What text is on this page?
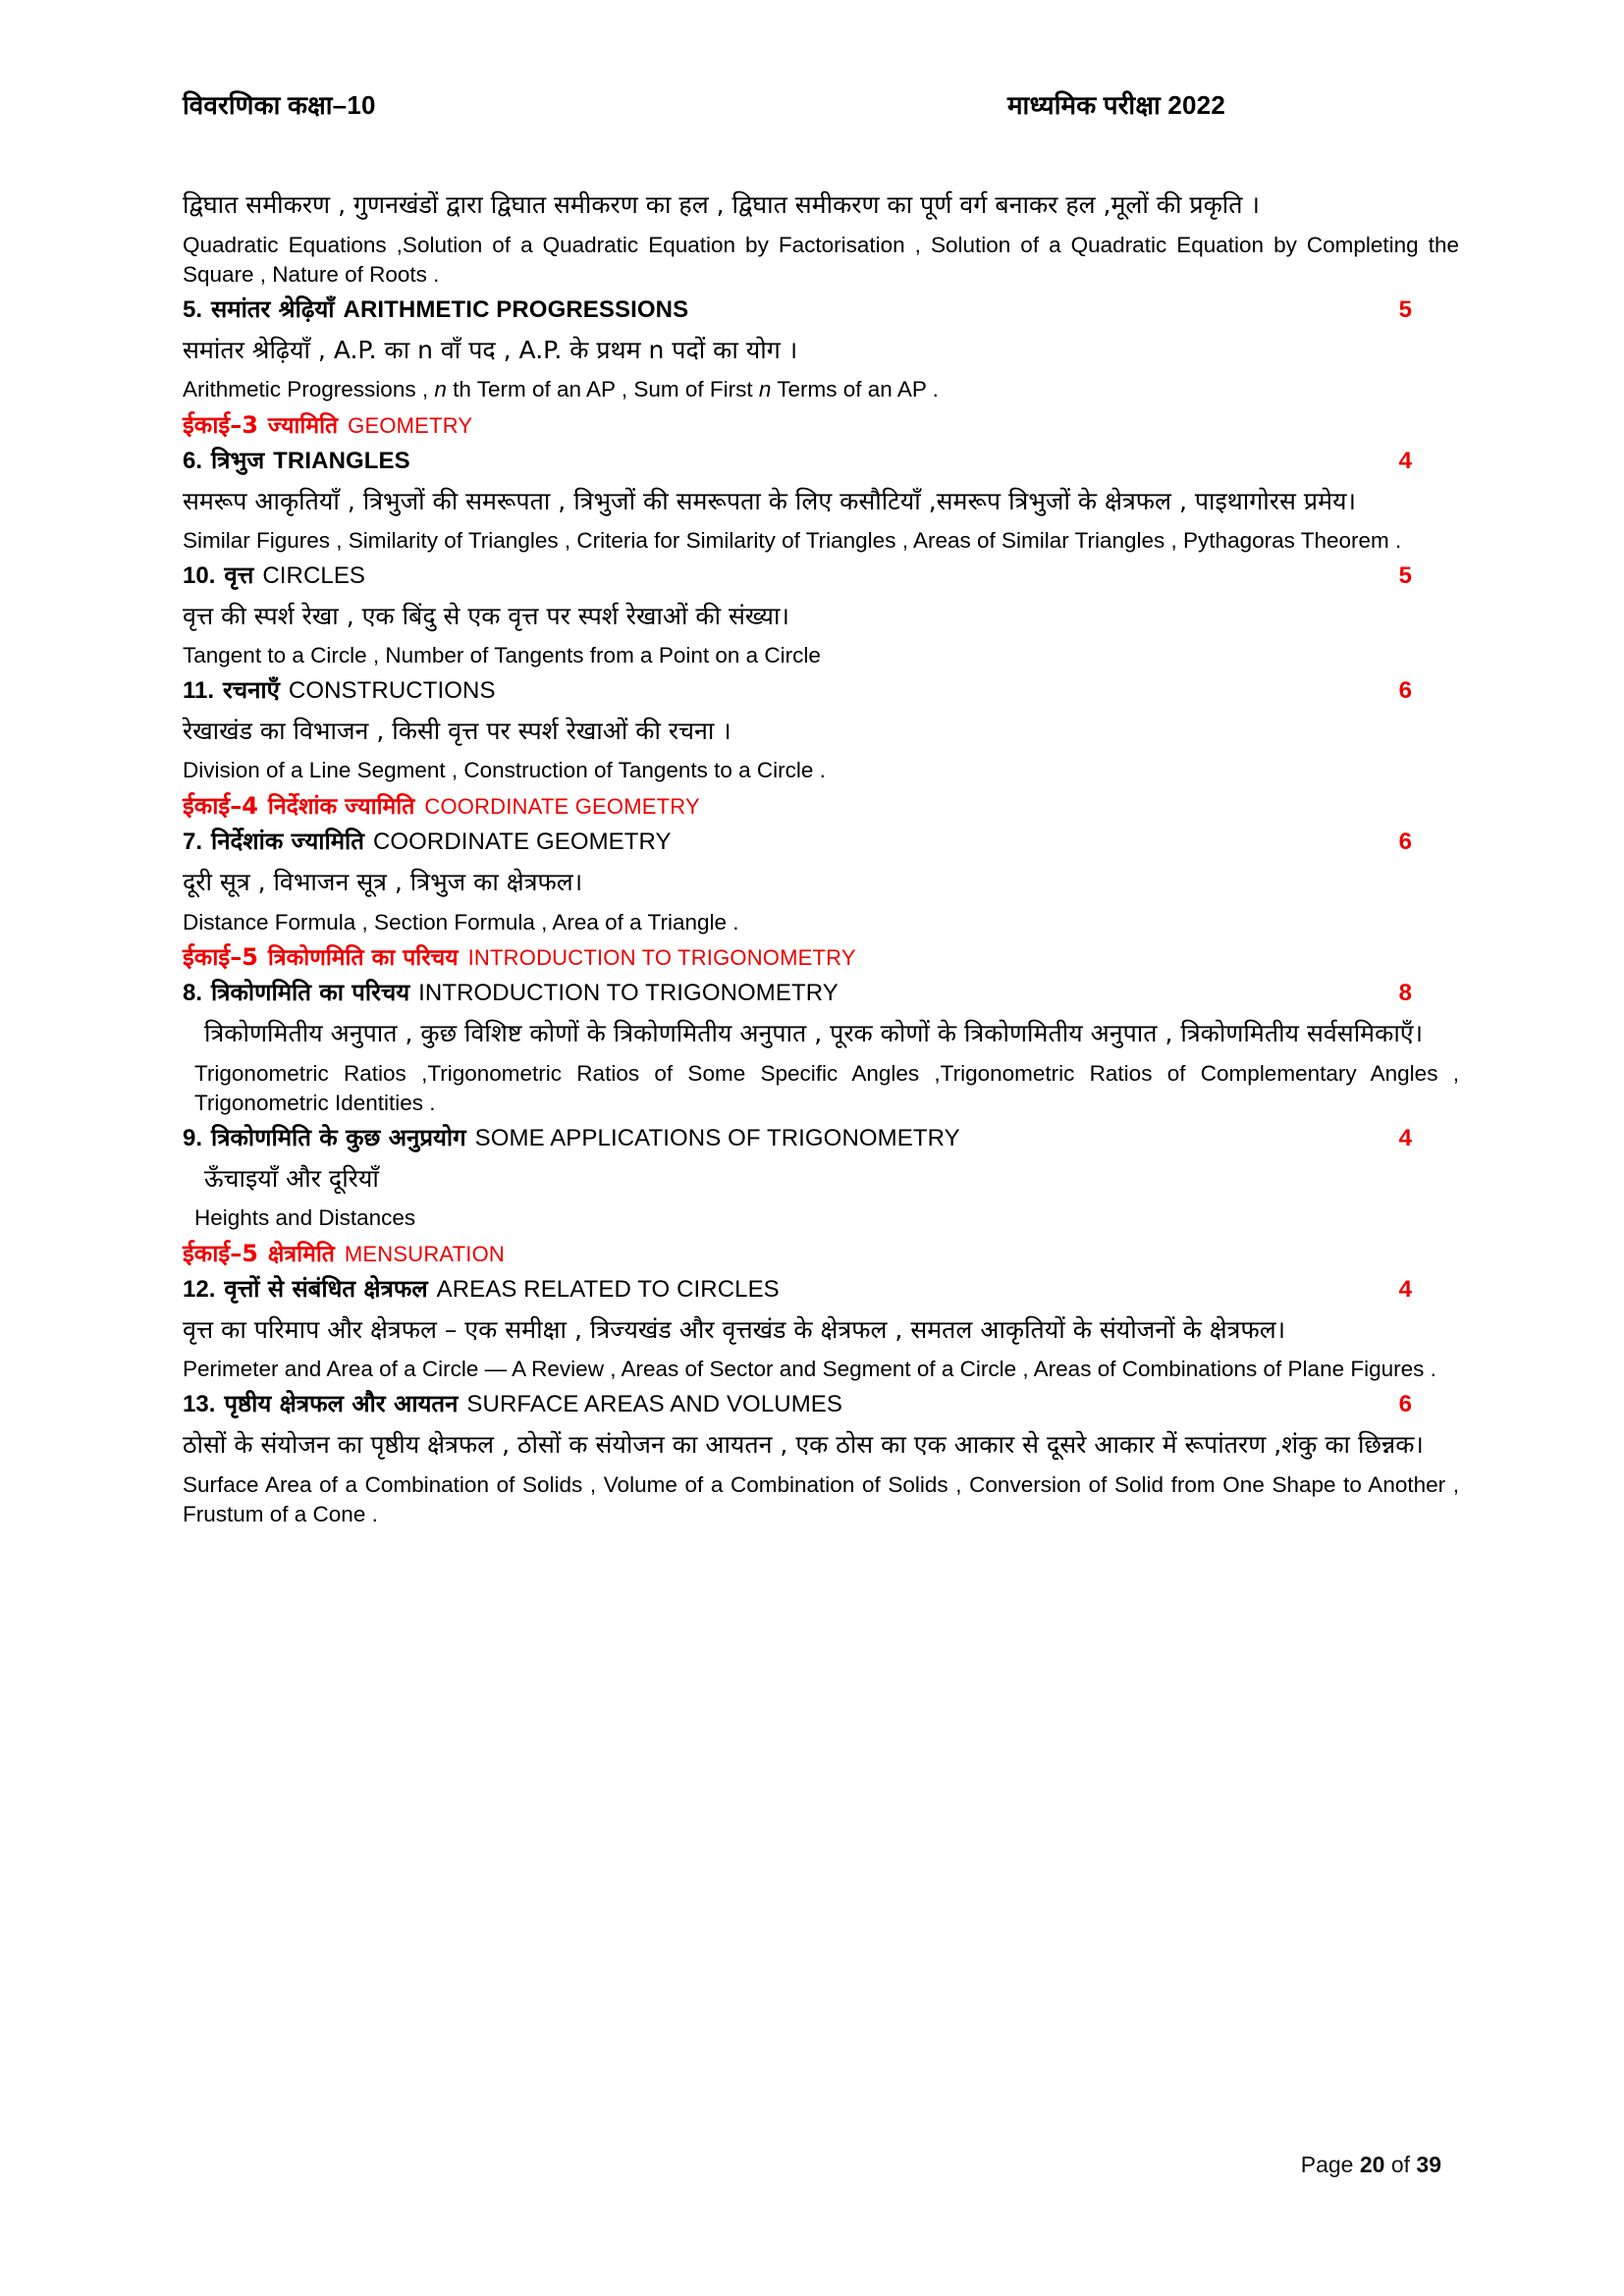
विवरणिका कक्षा–10	माध्यमिक परीक्षा 2022

द्विघात समीकरण , गुणनखंडों द्वारा द्विघात समीकरण का हल , द्विघात समीकरण का पूर्ण वर्ग बनाकर हल ,मूलों की प्रकृति ।

Quadratic Equations ,Solution of a Quadratic Equation by Factorisation , Solution of a Quadratic Equation by Completing the Square , Nature of Roots .

5. समांतर श्रेढ़ियाँ ARITHMETIC PROGRESSIONS	5

समांतर श्रेढ़ियाँ , A.P. का n वाँ पद , A.P. के प्रथम n पदों का योग ।

Arithmetic Progressions , n th Term of an AP , Sum of First n Terms of an AP .

ईकाई–3 ज्यामिति GEOMETRY
6. त्रिभुज TRIANGLES	4

समरूप आकृतियाँ , त्रिभुजों की समरूपता , त्रिभुजों की समरूपता के लिए कसौटियाँ ,समरूप त्रिभुजों के क्षेत्रफल , पाइथागोरस प्रमेय।

Similar Figures , Similarity of Triangles , Criteria for Similarity of Triangles , Areas of Similar Triangles , Pythagoras Theorem .

10. वृत्त CIRCLES	5

वृत्त की स्पर्श रेखा , एक बिंदु से एक वृत्त पर स्पर्श रेखाओं की संख्या।

Tangent to a Circle , Number of Tangents from a Point on a Circle

11. रचनाएँ CONSTRUCTIONS	6

रेखाखंड का विभाजन , किसी वृत्त पर स्पर्श रेखाओं की रचना ।

Division of a Line Segment , Construction of Tangents to a Circle .

ईकाई–4 निर्देशांक ज्यामिति COORDINATE GEOMETRY
7. निर्देशांक ज्यामिति COORDINATE GEOMETRY	6

दूरी सूत्र , विभाजन सूत्र , त्रिभुज का क्षेत्रफल।

Distance Formula , Section Formula , Area of a Triangle .

ईकाई–5 त्रिकोणमिति का परिचय INTRODUCTION TO TRIGONOMETRY
8. त्रिकोणमिति का परिचय INTRODUCTION TO TRIGONOMETRY	8

त्रिकोणमितीय अनुपात , कुछ विशिष्ट कोणों के त्रिकोणमितीय अनुपात , पूरक कोणों के त्रिकोणमितीय अनुपात , त्रिकोणमितीय सर्वसमिकाएँ।

Trigonometric Ratios ,Trigonometric Ratios of Some Specific Angles ,Trigonometric Ratios of Complementary Angles , Trigonometric Identities .

9. त्रिकोणमिति के कुछ अनुप्रयोग SOME APPLICATIONS OF TRIGONOMETRY	4

ऊँचाइयाँ और दूरियाँ

Heights and Distances

ईकाई–5 क्षेत्रमिति MENSURATION
12. वृत्तों से संबंधित क्षेत्रफल AREAS RELATED TO CIRCLES	4

वृत्त का परिमाप और क्षेत्रफल – एक समीक्षा , त्रिज्यखंड और वृत्तखंड के क्षेत्रफल , समतल आकृतियों के संयोजनों के क्षेत्रफल।

Perimeter and Area of a Circle — A Review , Areas of Sector and Segment of a Circle , Areas of Combinations of Plane Figures .

13. पृष्ठीय क्षेत्रफल और आयतन SURFACE AREAS AND VOLUMES	6

ठोसों के संयोजन का पृष्ठीय क्षेत्रफल , ठोसों क संयोजन का आयतन , एक ठोस का एक आकार से दूसरे आकार में रूपांतरण ,शंकु का छिन्नक।

Surface Area of a Combination of Solids , Volume of a Combination of Solids , Conversion of Solid from One Shape to Another , Frustum of a Cone .

Page 20 of 39
